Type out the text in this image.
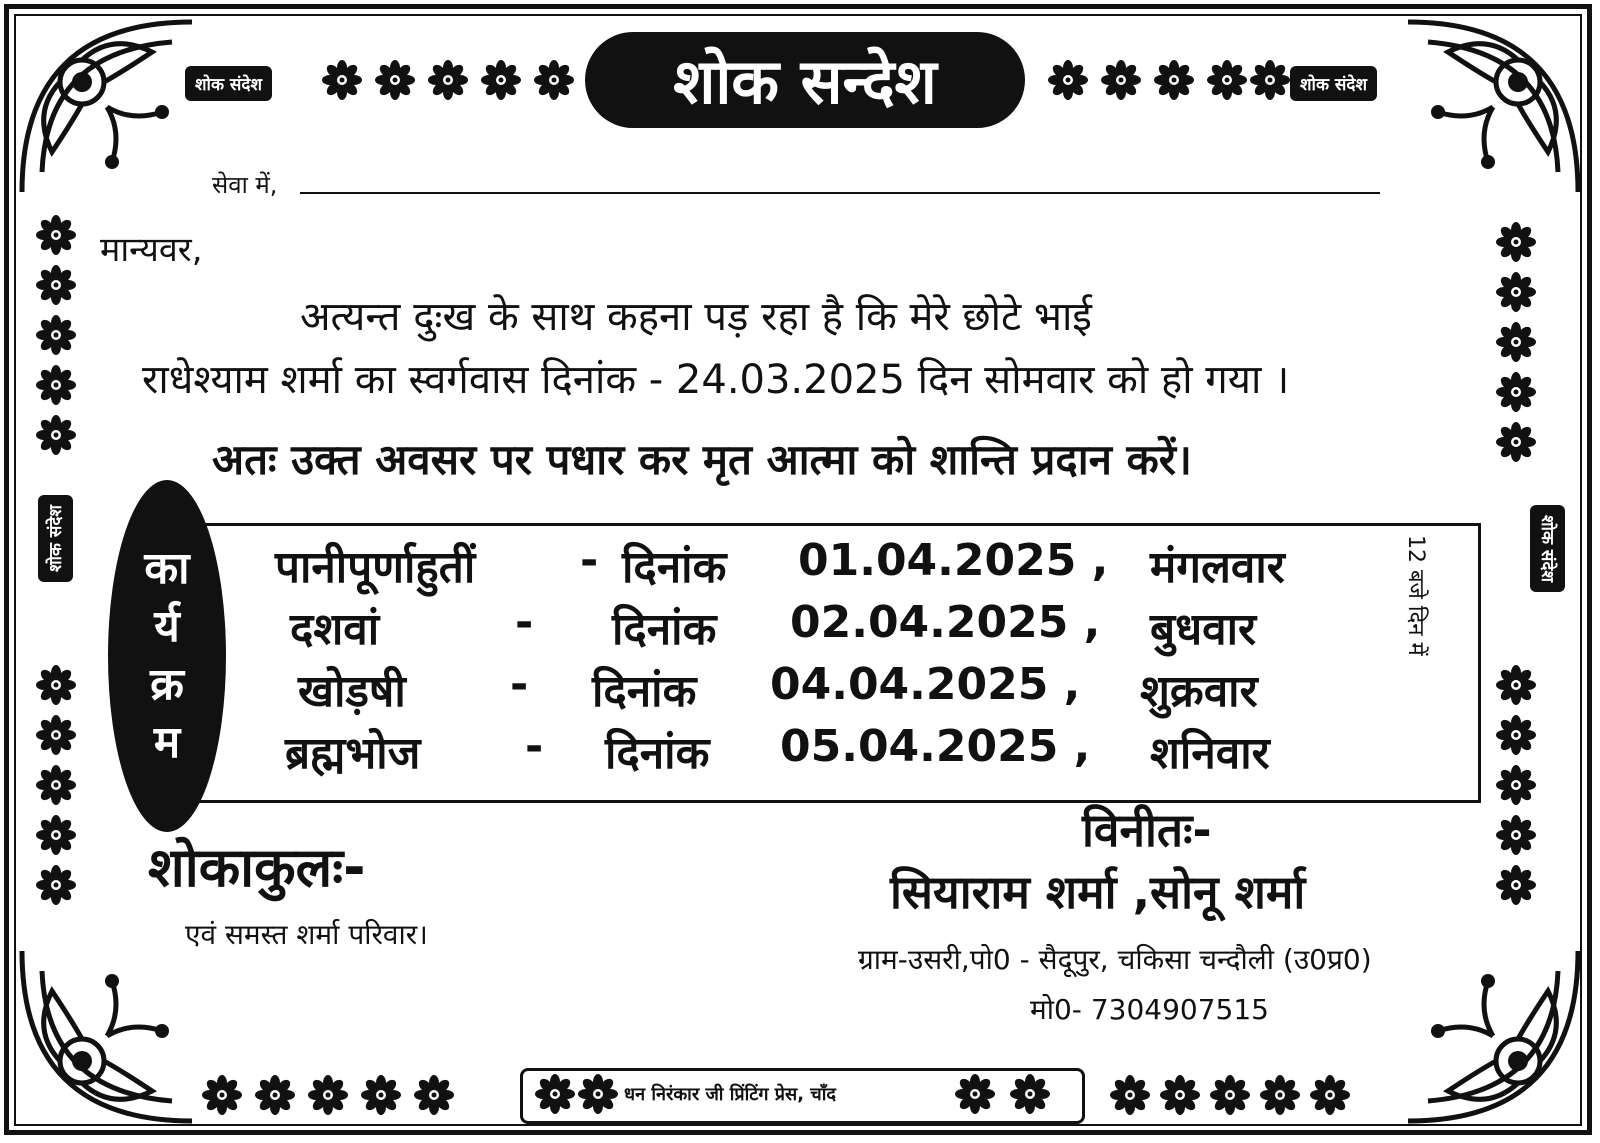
शोक संदेश	शोक संदेश
शोक सन्देश
शोक संदेश	शोक संदेश
सेवा में,
मान्यवर,
अत्यन्त दुःख के साथ कहना पड़ रहा है कि मेरे छोटे भाई
राधेश्याम शर्मा का स्वर्गवास दिनांक - 24.03.2025 दिन सोमवार को हो गया ।
अतः उक्त अवसर पर पधार कर मृत आत्मा को शान्ति प्रदान करें।
का
र्य
क्र
म
पानीपूर्णाहुतीं - दिनांक 01.04.2025 , मंगलवार
दशवां	- दिनांक 02.04.2025 , बुधवार
खोड़षी - दिनांक 04.04.2025 , शुक्रवार
ब्रह्मभोज - दिनांक 05.04.2025 , शनिवार
12 बजे दिन में
शोकाकुलः-
एवं समस्त शर्मा परिवार।
विनीतः-
सियाराम शर्मा ,सोनू शर्मा
ग्राम-उसरी,पो0 - सैदूपुर, चकिसा चन्दौली (उ0प्र0)
मो0- 7304907515
धन निरंकार जी प्रिंटिंग प्रेस, चाँद
